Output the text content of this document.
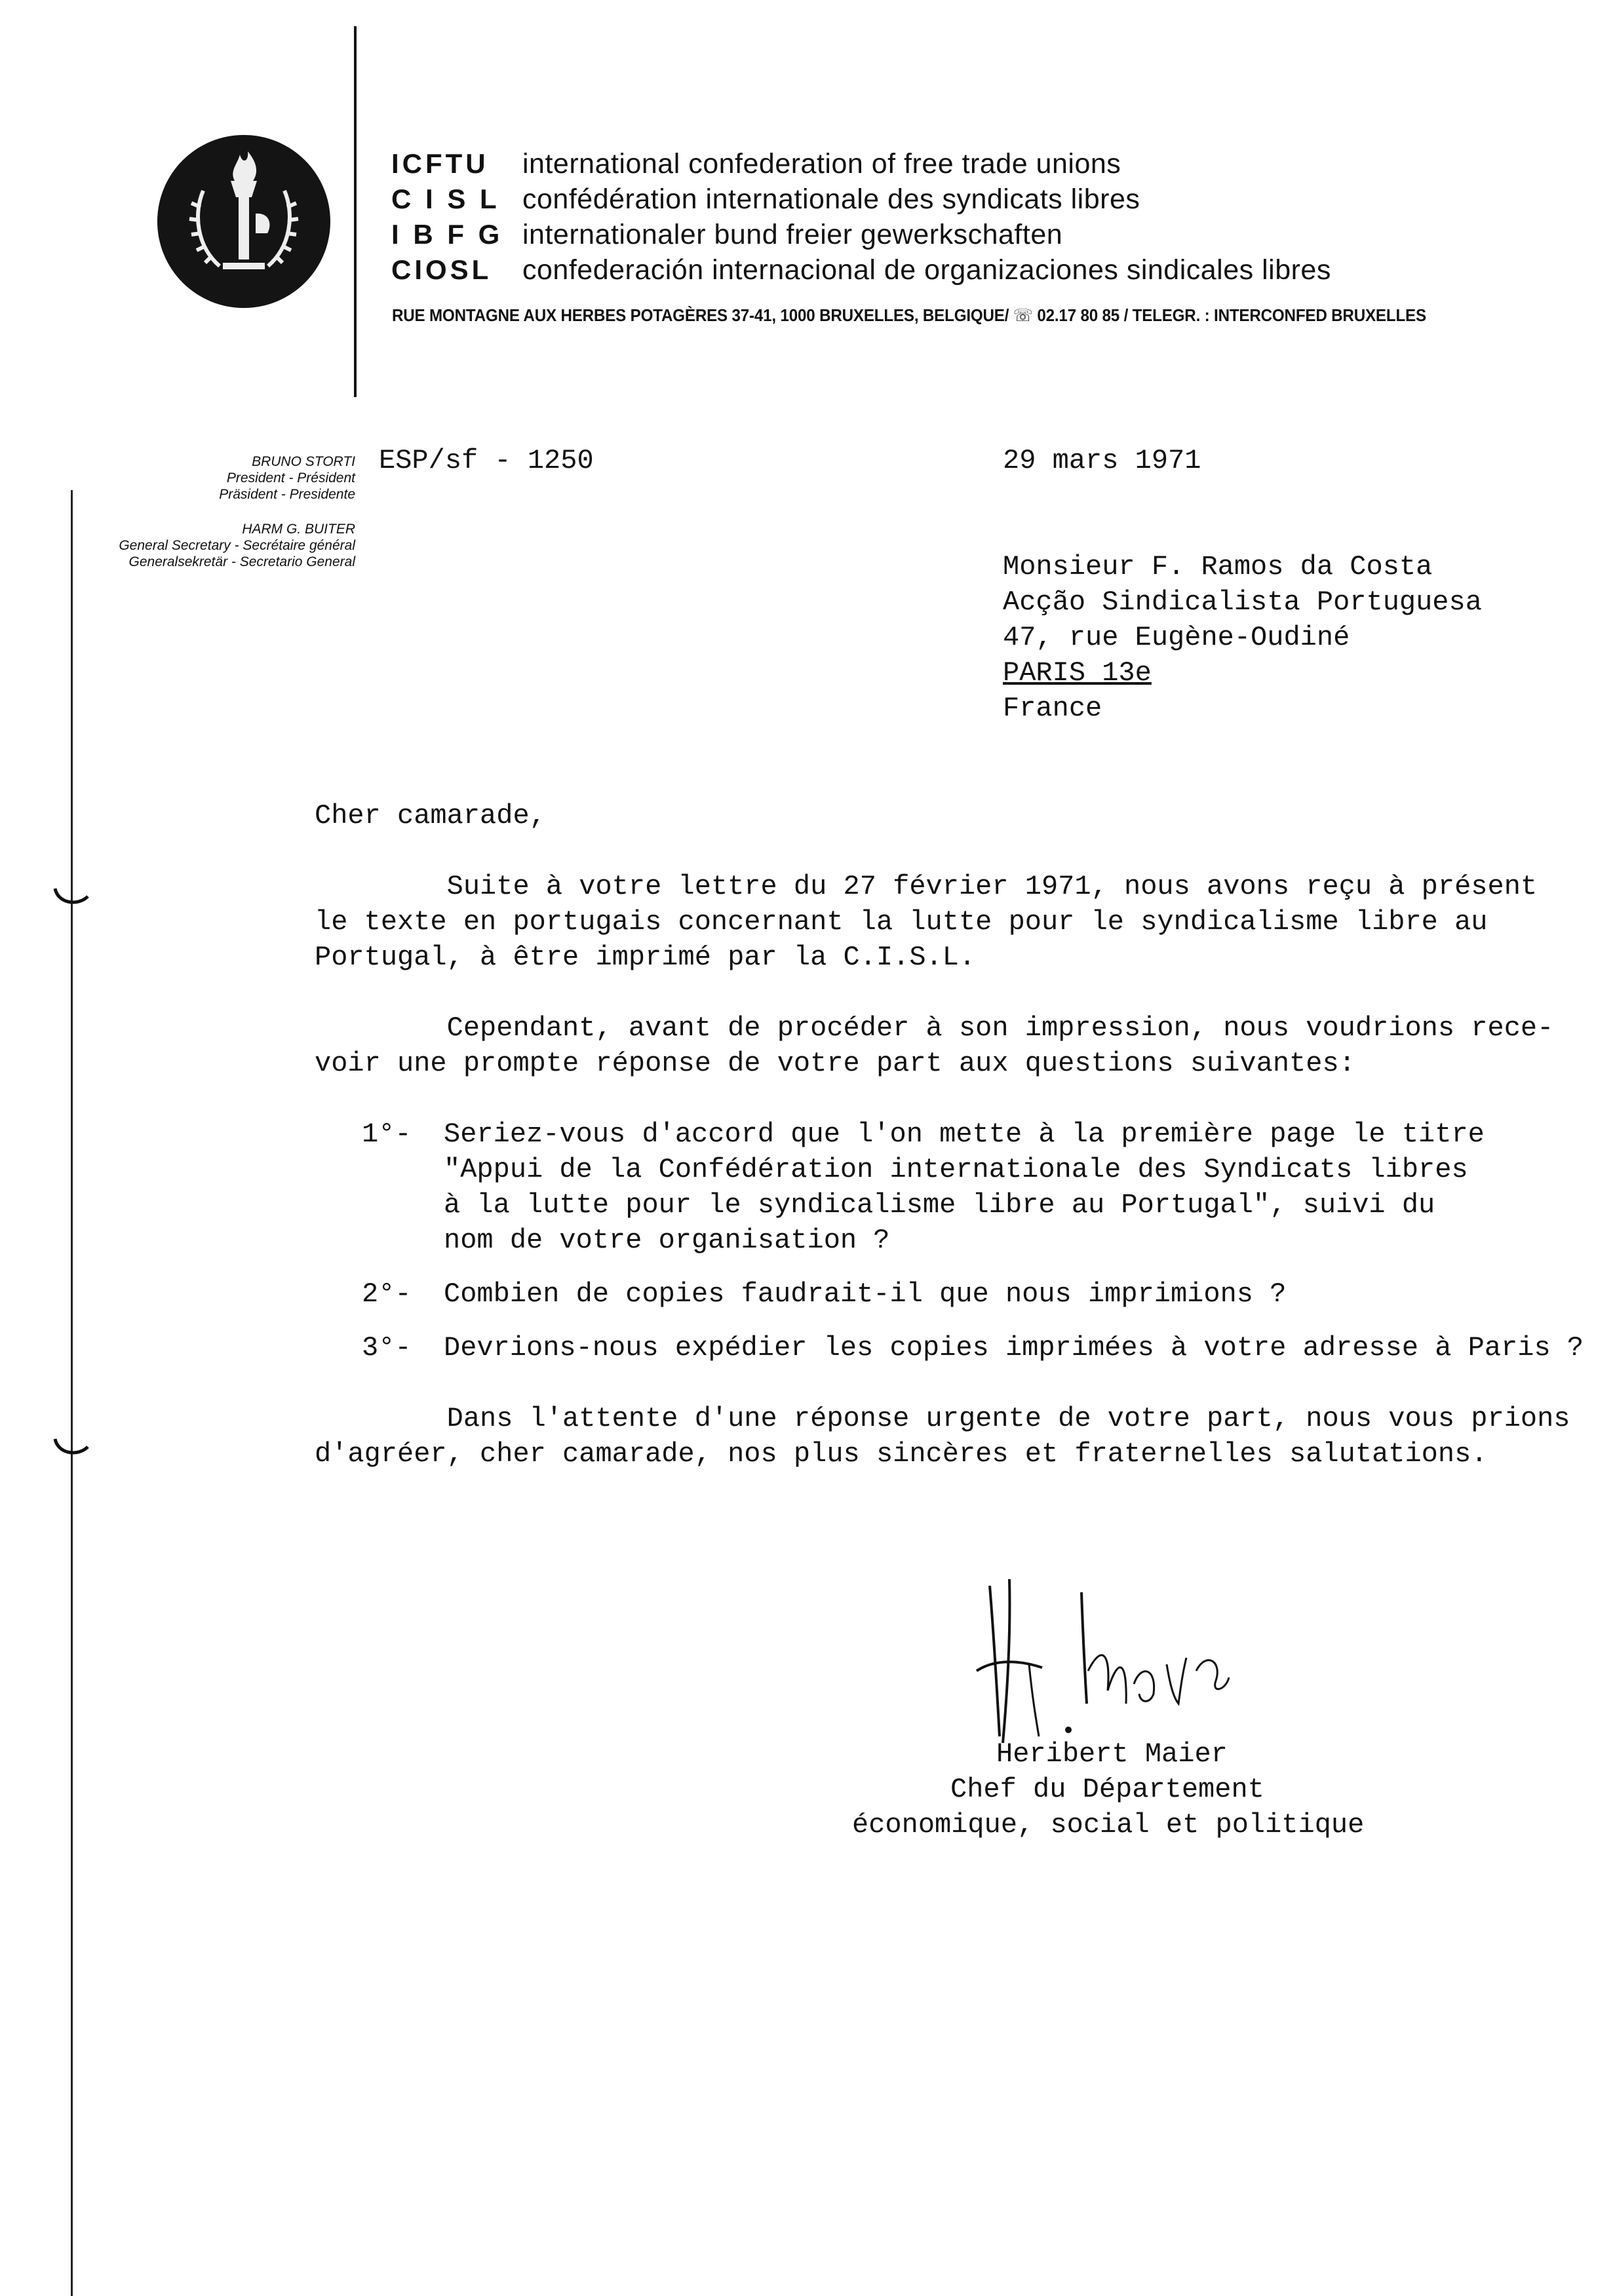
ICFTU	international confederation of free trade unions
C I S L confédération internationale des syndicats libres
I B F G internationaler bund freier gewerkschaften
CIOSL	confederación internacional de organizaciones sindicales libres
RUE MONTAGNE AUX HERBES POTAGÈRES 37-41, 1000 BRUXELLES, BELGIQUE/ ☏ 02.17 80 85 / TELEGR. : INTERCONFED BRUXELLES
BRUNO STORTI
President - Président
Präsident - Presidente
HARM G. BUITER
General Secretary - Secrétaire général
Generalsekretär - Secretario General
ESP/sf - 1250	29 mars 1971
Monsieur F. Ramos da Costa
Acção Sindicalista Portuguesa
47, rue Eugène-Oudiné
PARIS 13e
France
Cher camarade,
Suite à votre lettre du 27 février 1971, nous avons reçu à présent
le texte en portugais concernant la lutte pour le syndicalisme libre au
Portugal, à être imprimé par la C.I.S.L.
Cependant, avant de procéder à son impression, nous voudrions rece-
voir une prompte réponse de votre part aux questions suivantes:
1°- Seriez-vous d'accord que l'on mette à la première page le titre
"Appui de la Confédération internationale des Syndicats libres
à la lutte pour le syndicalisme libre au Portugal", suivi du
nom de votre organisation ?
2°- Combien de copies faudrait-il que nous imprimions ?
3°- Devrions-nous expédier les copies imprimées à votre adresse à Paris ?
Dans l'attente d'une réponse urgente de votre part, nous vous prions
d'agréer, cher camarade, nos plus sincères et fraternelles salutations.
Heribert Maier
Chef du Département
économique, social et politique
